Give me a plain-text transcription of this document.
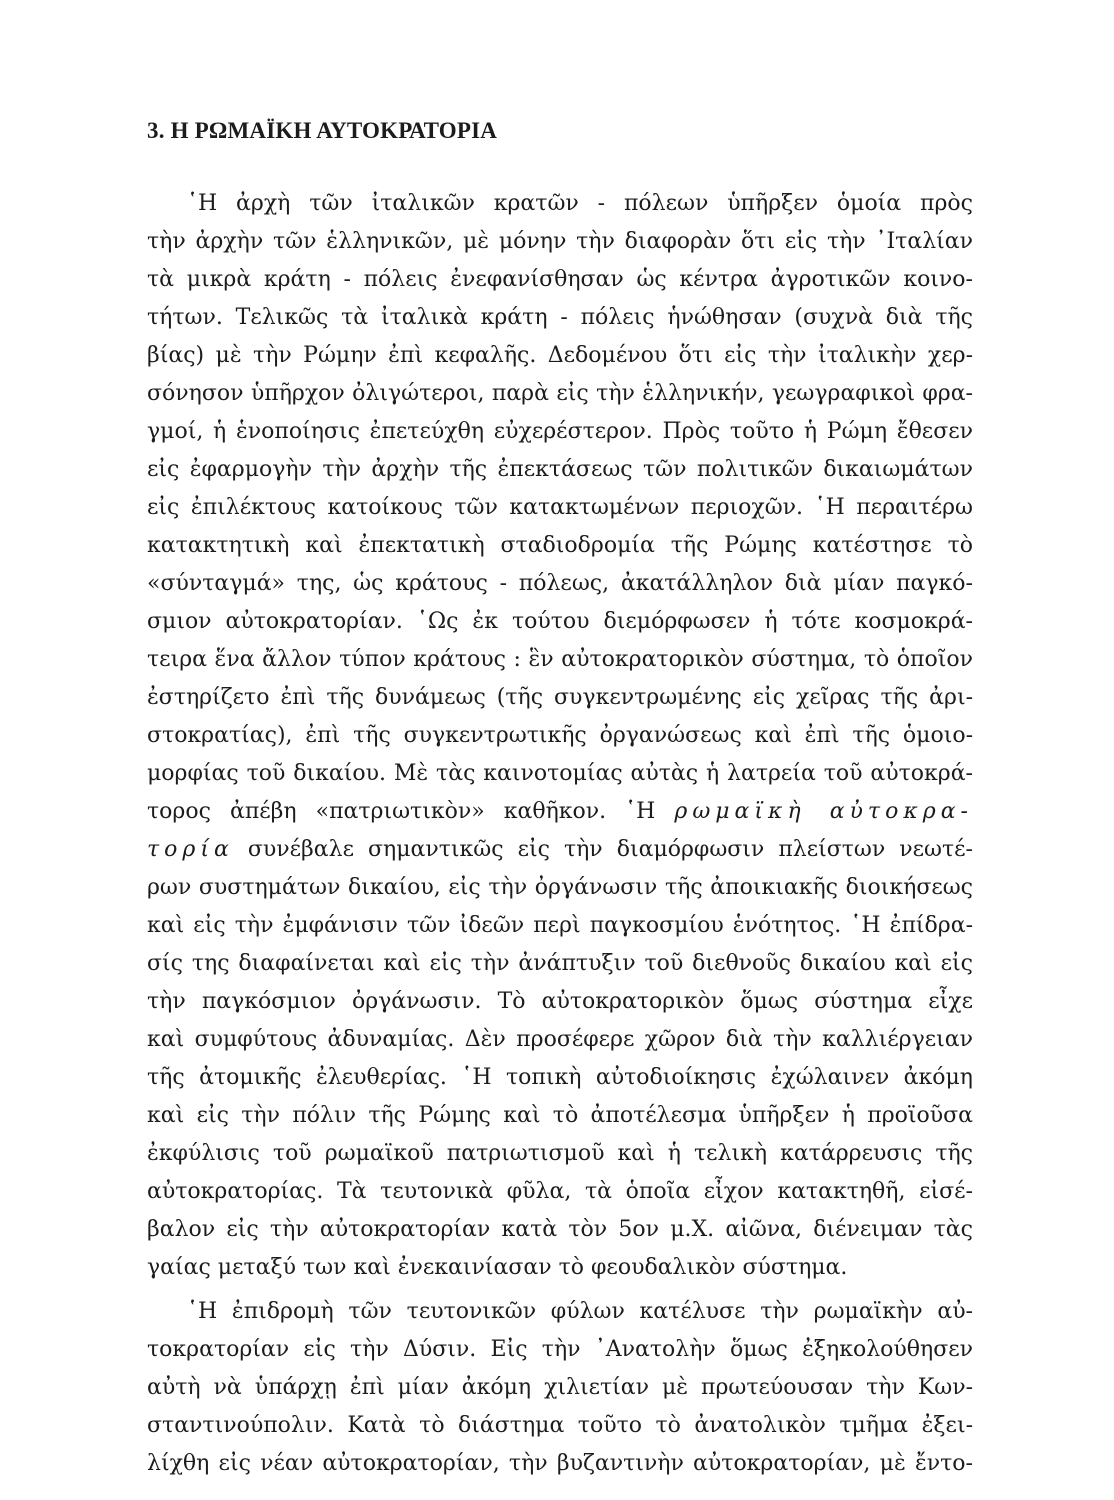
3. Η ΡΩΜΑΪΚΗ ΑΥΤΟΚΡΑΤΟΡΙΑ
῾Η ἀρχὴ τῶν ἰταλικῶν κρατῶν - πόλεων ὑπῆρξεν ὁμοία πρὸς
τὴν ἀρχὴν τῶν ἑλληνικῶν, μὲ μόνην τὴν διαφορὰν ὅτι εἰς τὴν ᾿Ιταλίαν
τὰ μικρὰ κράτη - πόλεις ἐνεφανίσθησαν ὡς κέντρα ἀγροτικῶν κοινο-
τήτων. Τελικῶς τὰ ἰταλικὰ κράτη - πόλεις ἡνώθησαν (συχνὰ διὰ τῆς
βίας) μὲ τὴν Ρώμην ἐπὶ κεφαλῆς. Δεδομένου ὅτι εἰς τὴν ἰταλικὴν χερ-
σόνησον ὑπῆρχον ὀλιγώτεροι, παρὰ εἰς τὴν ἑλληνικήν, γεωγραφικοὶ φρα-
γμοί, ἡ ἑνοποίησις ἐπετεύχθη εὐχερέστερον. Πρὸς τοῦτο ἡ Ρώμη ἔθεσεν
εἰς ἐφαρμογὴν τὴν ἀρχὴν τῆς ἐπεκτάσεως τῶν πολιτικῶν δικαιωμάτων
εἰς ἐπιλέκτους κατοίκους τῶν κατακτωμένων περιοχῶν. ῾Η περαιτέρω
κατακτητικὴ καὶ ἐπεκτατικὴ σταδιοδρομία τῆς Ρώμης κατέστησε τὸ
«σύνταγμά» της, ὡς κράτους - πόλεως, ἀκατάλληλον διὰ μίαν παγκό-
σμιον αὐτοκρατορίαν. ῾Ως ἐκ τούτου διεμόρφωσεν ἡ τότε κοσμοκρά-
τειρα ἕνα ἄλλον τύπον κράτους : ἓν αὐτοκρατορικὸν σύστημα, τὸ ὁποῖον
ἐστηρίζετο ἐπὶ τῆς δυνάμεως (τῆς συγκεντρωμένης εἰς χεῖρας τῆς ἀρι-
στοκρατίας), ἐπὶ τῆς συγκεντρωτικῆς ὀργανώσεως καὶ ἐπὶ τῆς ὁμοιο-
μορφίας τοῦ δικαίου. Μὲ τὰς καινοτομίας αὐτὰς ἡ λατρεία τοῦ αὐτοκρά-
τορος ἀπέβη «πατριωτικὸν» καθῆκον. ῾Η ρωμαϊκὴ αὐτοκρα-
τορία συνέβαλε σημαντικῶς εἰς τὴν διαμόρφωσιν πλείστων νεωτέ-
ρων συστημάτων δικαίου, εἰς τὴν ὀργάνωσιν τῆς ἀποικιακῆς διοικήσεως
καὶ εἰς τὴν ἐμφάνισιν τῶν ἰδεῶν περὶ παγκοσμίου ἑνότητος. ῾Η ἐπίδρα-
σίς της διαφαίνεται καὶ εἰς τὴν ἀνάπτυξιν τοῦ διεθνοῦς δικαίου καὶ εἰς
τὴν παγκόσμιον ὀργάνωσιν. Τὸ αὐτοκρατορικὸν ὅμως σύστημα εἶχε
καὶ συμφύτους ἀδυναμίας. Δὲν προσέφερε χῶρον διὰ τὴν καλλιέργειαν
τῆς ἀτομικῆς ἐλευθερίας. ῾Η τοπικὴ αὐτοδιοίκησις ἐχώλαινεν ἀκόμη
καὶ εἰς τὴν πόλιν τῆς Ρώμης καὶ τὸ ἀποτέλεσμα ὑπῆρξεν ἡ προϊοῦσα
ἐκφύλισις τοῦ ρωμαϊκοῦ πατριωτισμοῦ καὶ ἡ τελικὴ κατάρρευσις τῆς
αὐτοκρατορίας. Τὰ τευτονικὰ φῦλα, τὰ ὁποῖα εἶχον κατακτηθῆ, εἰσέ-
βαλον εἰς τὴν αὐτοκρατορίαν κατὰ τὸν 5ον μ.Χ. αἰῶνα, διένειμαν τὰς
γαίας μεταξύ των καὶ ἐνεκαινίασαν τὸ φεουδαλικὸν σύστημα.
῾Η ἐπιδρομὴ τῶν τευτονικῶν φύλων κατέλυσε τὴν ρωμαϊκὴν αὐ-
τοκρατορίαν εἰς τὴν Δύσιν. Εἰς τὴν ᾿Ανατολὴν ὅμως ἐξηκολούθησεν
αὐτὴ νὰ ὑπάρχῃ ἐπὶ μίαν ἀκόμη χιλιετίαν μὲ πρωτεύουσαν τὴν Κων-
σταντινούπολιν. Κατὰ τὸ διάστημα τοῦτο τὸ ἀνατολικὸν τμῆμα ἐξει-
λίχθη εἰς νέαν αὐτοκρατορίαν, τὴν βυζαντινὴν αὐτοκρατορίαν, μὲ ἔντο-
